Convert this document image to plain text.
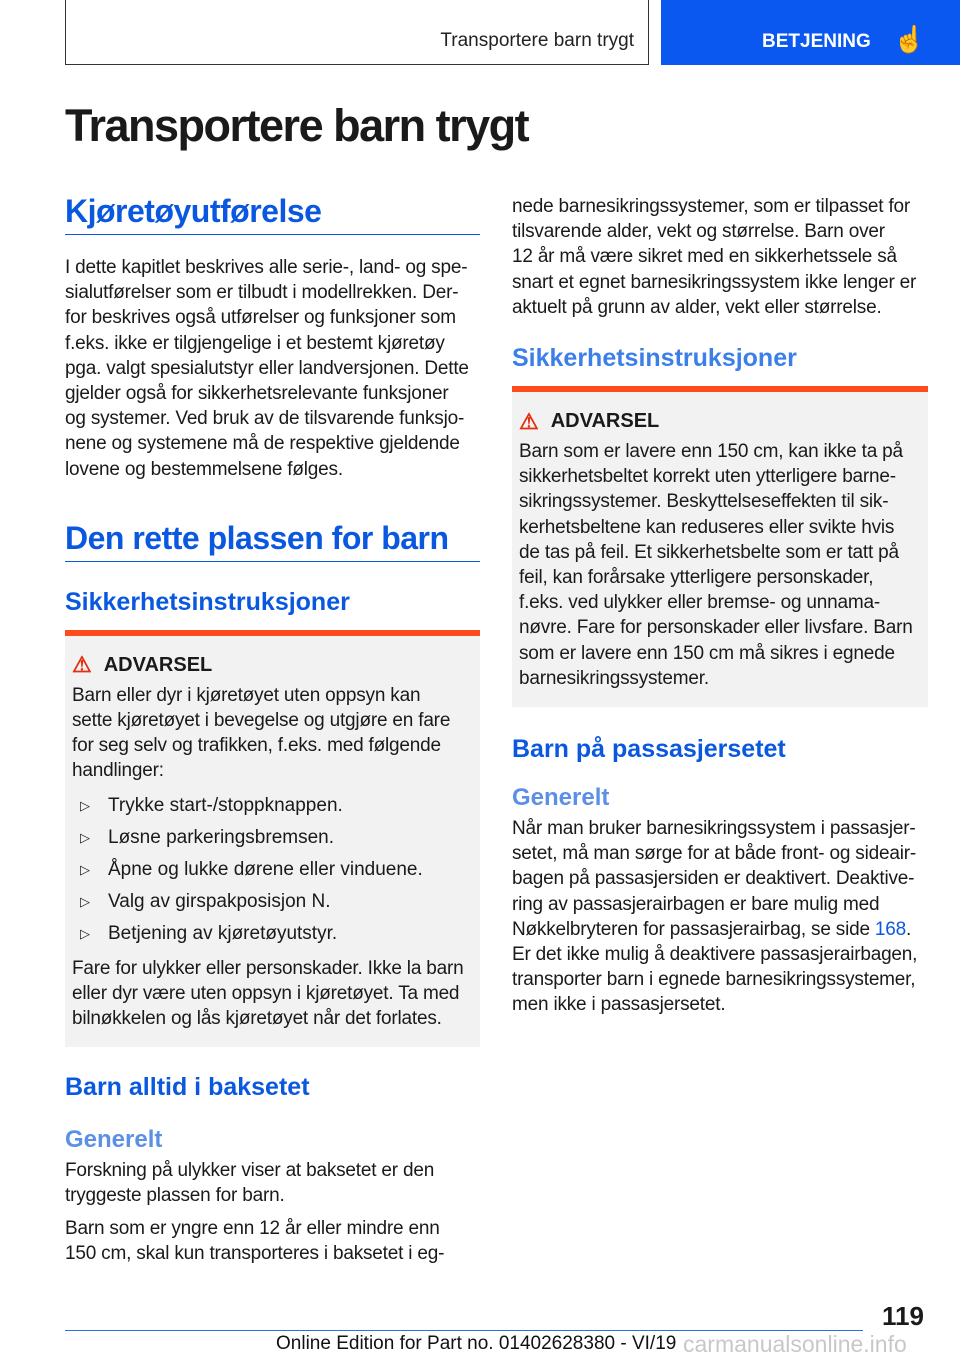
Transportere barn trygt	BETJENING ☝
Transportere barn trygt
Kjøretøyutførelse
I dette kapitlet beskrives alle serie-, land- og spe-
sialutførelser som er tilbudt i modellrekken. Der-
for beskrives også utførelser og funksjoner som
f.eks. ikke er tilgjengelige i et bestemt kjøretøy
pga. valgt spesialutstyr eller landversjonen. Dette
gjelder også for sikkerhetsrelevante funksjoner
og systemer. Ved bruk av de tilsvarende funksjo-
nene og systemene må de respektive gjeldende
lovene og bestemmelsene følges.
Den rette plassen for barn
Sikkerhetsinstruksjoner
⚠ ADVARSEL
Barn eller dyr i kjøretøyet uten oppsyn kan
sette kjøretøyet i bevegelse og utgjøre en fare
for seg selv og trafikken, f.eks. med følgende
handlinger:
▷ Trykke start-/stoppknappen.
▷ Løsne parkeringsbremsen.
▷ Åpne og lukke dørene eller vinduene.
▷ Valg av girspakposisjon N.
▷ Betjening av kjøretøyutstyr.
Fare for ulykker eller personskader. Ikke la barn
eller dyr være uten oppsyn i kjøretøyet. Ta med
bilnøkkelen og lås kjøretøyet når det forlates.
Barn alltid i baksetet
Generelt
Forskning på ulykker viser at baksetet er den
tryggeste plassen for barn.
Barn som er yngre enn 12 år eller mindre enn
150 cm, skal kun transporteres i baksetet i eg-
nede barnesikringssystemer, som er tilpasset for
tilsvarende alder, vekt og størrelse. Barn over
12 år må være sikret med en sikkerhetssele så
snart et egnet barnesikringssystem ikke lenger er
aktuelt på grunn av alder, vekt eller størrelse.
Sikkerhetsinstruksjoner
⚠ ADVARSEL
Barn som er lavere enn 150 cm, kan ikke ta på
sikkerhetsbeltet korrekt uten ytterligere barne-
sikringssystemer. Beskyttelseseffekten til sik-
kerhetsbeltene kan reduseres eller svikte hvis
de tas på feil. Et sikkerhetsbelte som er tatt på
feil, kan forårsake ytterligere personskader,
f.eks. ved ulykker eller bremse- og unnama-
nøvre. Fare for personskader eller livsfare. Barn
som er lavere enn 150 cm må sikres i egnede
barnesikringssystemer.
Barn på passasjersetet
Generelt
Når man bruker barnesikringssystem i passasjer-
setet, må man sørge for at både front- og sideair-
bagen på passasjersiden er deaktivert. Deaktive-
ring av passasjerairbagen er bare mulig med
Nøkkelbryteren for passasjerairbag, se side 168.
Er det ikke mulig å deaktivere passasjerairbagen,
transporter barn i egnede barnesikringssystemer,
men ikke i passasjersetet.
119
Online Edition for Part no. 01402628380 - VI/19 carmanualsonline.info
